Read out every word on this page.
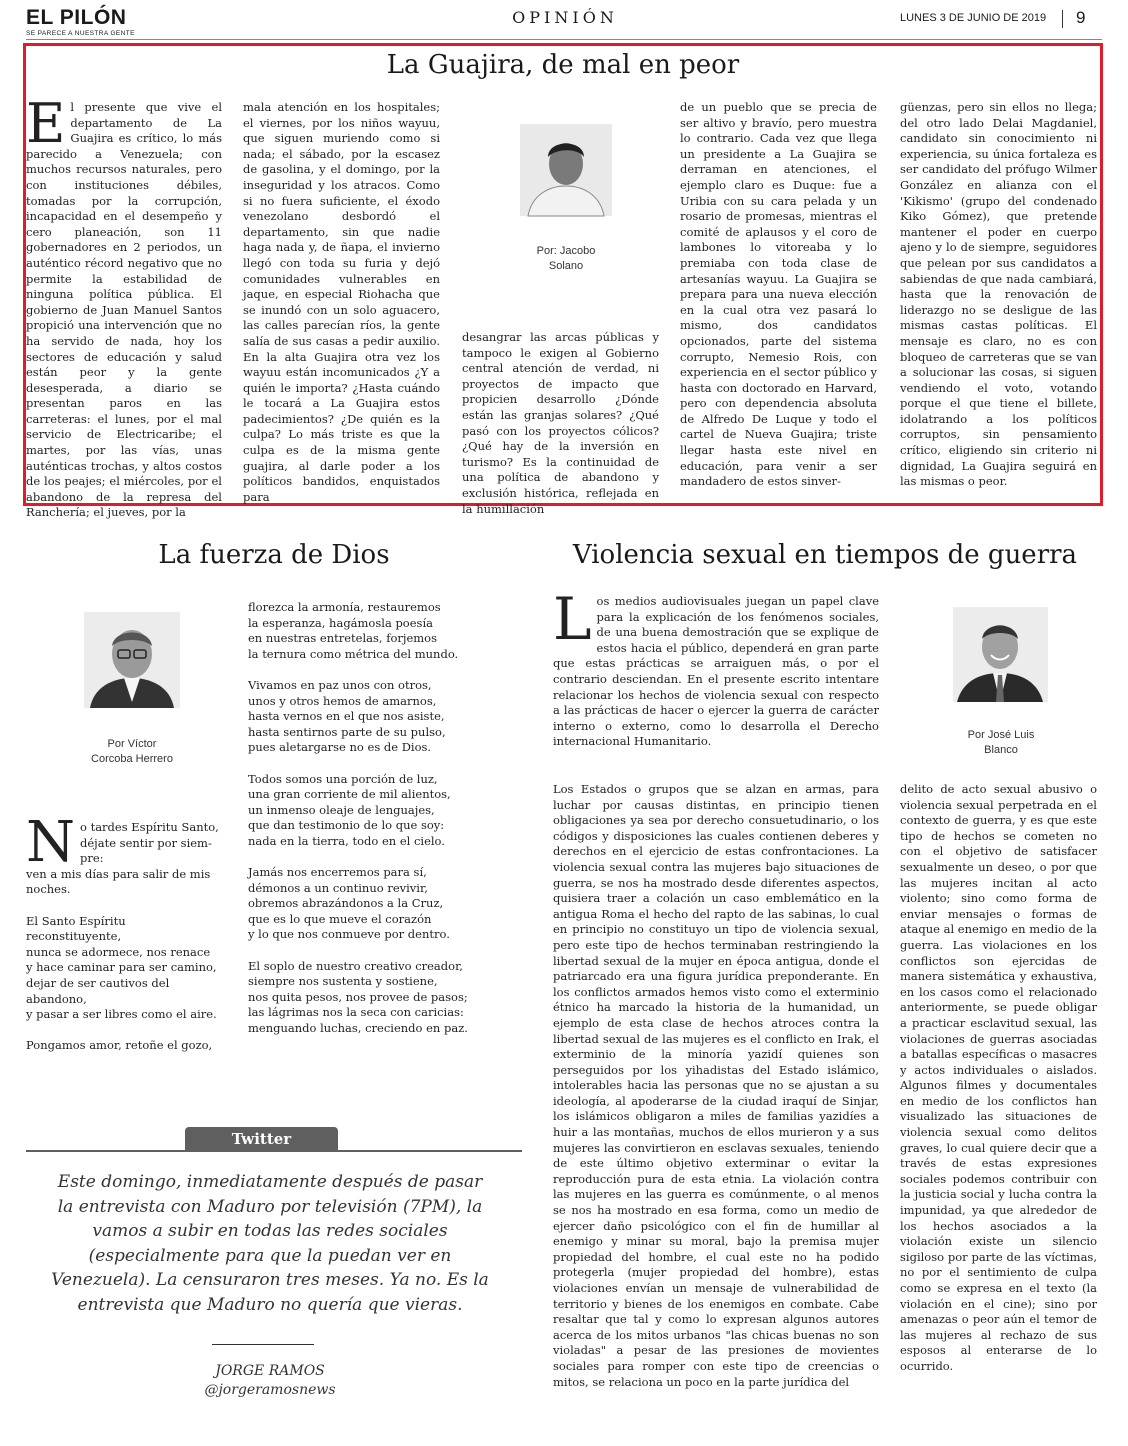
EL PILÓN
SE PARECE A NUESTRA GENTE
OPINIÓN	LUNES 3 DE JUNIO DE 2019 9
La Guajira, de mal en peor
El presente que vive el departamento de La Guajira es crítico, lo más parecido a Venezuela; con muchos recursos naturales, pero con instituciones débiles, tomadas por la corrupción, incapacidad en el desempeño y cero planeación, son 11 gobernadores en 2 periodos, un auténtico récord negativo que no permite la estabilidad de ninguna política pública. El gobierno de Juan Manuel Santos propició una intervención que no ha servido de nada, hoy los sectores de educación y salud están peor y la gente desesperada, a diario se presentan paros en las carreteras: el lunes, por el mal servicio de Electricaribe; el martes, por las vías, unas auténticas trochas, y altos costos de los peajes; el miércoles, por el abandono de la represa del Ranchería; el jueves, por la
mala atención en los hospitales; el viernes, por los niños wayuu, que siguen muriendo como si nada; el sábado, por la escasez de gasolina, y el domingo, por la inseguridad y los atracos. Como si no fuera suficiente, el éxodo venezolano desbordó el departamento, sin que nadie haga nada y, de ñapa, el invierno llegó con toda su furia y dejó comunidades vulnerables en jaque, en especial Riohacha que se inundó con un solo aguacero, las calles parecían ríos, la gente salía de sus casas a pedir auxilio. En la alta Guajira otra vez los wayuu están incomunicados ¿Y a quién le importa? ¿Hasta cuándo le tocará a La Guajira estos padecimientos? ¿De quién es la culpa? Lo más triste es que la culpa es de la misma gente guajira, al darle poder a los políticos bandidos, enquistados para
Por: Jacobo
Solano
desangrar las arcas públicas y tampoco le exigen al Gobierno central atención de verdad, ni proyectos de impacto que propicien desarrollo ¿Dónde están las granjas solares? ¿Qué pasó con los proyectos cólicos? ¿Qué hay de la inversión en turismo? Es la continuidad de una política de abandono y exclusión histórica, reflejada en la humillación
de un pueblo que se precia de ser altivo y bravío, pero muestra lo contrario. Cada vez que llega un presidente a La Guajira se derraman en atenciones, el ejemplo claro es Duque: fue a Uribia con su cara pelada y un rosario de promesas, mientras el comité de aplausos y el coro de lambones lo vitoreaba y lo premiaba con toda clase de artesanías wayuu. La Guajira se prepara para una nueva elección en la cual otra vez pasará lo mismo, dos candidatos opcionados, parte del sistema corrupto, Nemesio Rois, con experiencia en el sector público y hasta con doctorado en Harvard, pero con dependencia absoluta de Alfredo De Luque y todo el cartel de Nueva Guajira; triste llegar hasta este nivel en educación, para venir a ser mandadero de estos sinver-
güenzas, pero sin ellos no llega; del otro lado Delai Magdaniel, candidato sin conocimiento ni experiencia, su única fortaleza es ser candidato del prófugo Wilmer González en alianza con el 'Kikismo' (grupo del condenado Kiko Gómez), que pretende mantener el poder en cuerpo ajeno y lo de siempre, seguidores que pelean por sus candidatos a sabiendas de que nada cambiará, hasta que la renovación de liderazgo no se desligue de las mismas castas políticas. El mensaje es claro, no es con bloqueo de carreteras que se van a solucionar las cosas, si siguen vendiendo el voto, votando porque el que tiene el billete, idolatrando a los políticos corruptos, sin pensamiento crítico, eligiendo sin criterio ni dignidad, La Guajira seguirá en las mismas o peor.
La fuerza de Dios
Por Víctor
Corcoba Herrero
N o tardes Espíritu Santo,
déjate sentir por siem-
pre:
ven a mis días para salir de mis noches.
El Santo Espíritu reconstituyente,
nunca se adormece, nos renace
y hace caminar para ser camino,
dejar de ser cautivos del abandono,
y pasar a ser libres como el aire.
Pongamos amor, retoñe el gozo,
florezca la armonía, restauremos
la esperanza, hagámosla poesía
en nuestras entretelas, forjemos
la ternura como métrica del mundo.
Vivamos en paz unos con otros,
unos y otros hemos de amarnos,
hasta vernos en el que nos asiste,
hasta sentirnos parte de su pulso,
pues aletargarse no es de Dios.
Todos somos una porción de luz,
una gran corriente de mil alientos,
un inmenso oleaje de lenguajes,
que dan testimonio de lo que soy:
nada en la tierra, todo en el cielo.
Jamás nos encerremos para sí,
démonos a un continuo revivir,
obremos abrazándonos a la Cruz,
que es lo que mueve el corazón
y lo que nos conmueve por dentro.
El soplo de nuestro creativo creador,
siempre nos sustenta y sostiene,
nos quita pesos, nos provee de pasos;
las lágrimas nos la seca con caricias:
menguando luchas, creciendo en paz.
Twitter
Este domingo, inmediatamente después de pasar la entrevista con Maduro por televisión (7PM), la vamos a subir en todas las redes sociales (especialmente para que la puedan ver en Venezuela). La censuraron tres meses. Ya no. Es la entrevista que Maduro no quería que vieras.
JORGE RAMOS
@jorgeramosnews
Violencia sexual en tiempos de guerra
Los medios audiovisuales juegan un papel clave para la explicación de los fenómenos sociales, de una buena demostración que se explique de estos hacia el público, dependerá en gran parte que estas prácticas se arraiguen más, o por el contrario desciendan. En el presente escrito intentare relacionar los hechos de violencia sexual con respecto a las prácticas de hacer o ejercer la guerra de carácter interno o externo, como lo desarrolla el Derecho internacional Humanitario.	Por José Luis
Blanco
Los Estados o grupos que se alzan en armas, para luchar por causas distintas, en principio tienen obligaciones ya sea por derecho consuetudinario, o los códigos y disposiciones las cuales contienen deberes y derechos en el ejercicio de estas confrontaciones. La violencia sexual contra las mujeres bajo situaciones de guerra, se nos ha mostrado desde diferentes aspectos, quisiera traer a colación un caso emblemático en la antigua Roma el hecho del rapto de las sabinas, lo cual en principio no constituyo un tipo de violencia sexual, pero este tipo de hechos terminaban restringiendo la libertad sexual de la mujer en época antigua, donde el patriarcado era una figura jurídica preponderante. En los conflictos armados hemos visto como el exterminio étnico ha marcado la historia de la humanidad, un ejemplo de esta clase de hechos atroces contra la libertad sexual de las mujeres es el conflicto en Irak, el exterminio de la minoría yazidí quienes son perseguidos por los yihadistas del Estado islámico, intolerables hacia las personas que no se ajustan a su ideología, al apoderarse de la ciudad iraquí de Sinjar, los islámicos obligaron a miles de familias yazidíes a huir a las montañas, muchos de ellos murieron y a sus mujeres las convirtieron en esclavas sexuales, teniendo de este último objetivo exterminar o evitar la reproducción pura de esta etnia. La violación contra las mujeres en las guerra es comúnmente, o al menos se nos ha mostrado en esa forma, como un medio de ejercer daño psicológico con el fin de humillar al enemigo y minar su moral, bajo la premisa mujer propiedad del hombre, el cual este no ha podido protegerla (mujer propiedad del hombre), estas violaciones envían un mensaje de vulnerabilidad de territorio y bienes de los enemigos en combate. Cabe resaltar que tal y como lo expresan algunos autores acerca de los mitos urbanos "las chicas buenas no son violadas" a pesar de las presiones de movientes sociales para romper con este tipo de creencias o mitos, se relaciona un poco en la parte jurídica del
delito de acto sexual abusivo o violencia sexual perpetrada en el contexto de guerra, y es que este tipo de hechos se cometen no con el objetivo de satisfacer sexualmente un deseo, o por que las mujeres incitan al acto violento; sino como forma de enviar mensajes o formas de ataque al enemigo en medio de la guerra. Las violaciones en los conflictos son ejercidas de manera sistemática y exhaustiva, en los casos como el relacionado anteriormente, se puede obligar a practicar esclavitud sexual, las violaciones de guerras asociadas a batallas específicas o masacres y actos individuales o aislados. Algunos filmes y documentales en medio de los conflictos han visualizado las situaciones de violencia sexual como delitos graves, lo cual quiere decir que a través de estas expresiones sociales podemos contribuir con la justicia social y lucha contra la impunidad, ya que alrededor de los hechos asociados a la violación existe un silencio sigiloso por parte de las víctimas, no por el sentimiento de culpa como se expresa en el texto (la violación en el cine); sino por amenazas o peor aún el temor de las mujeres al rechazo de sus esposos al enterarse de lo ocurrido.
